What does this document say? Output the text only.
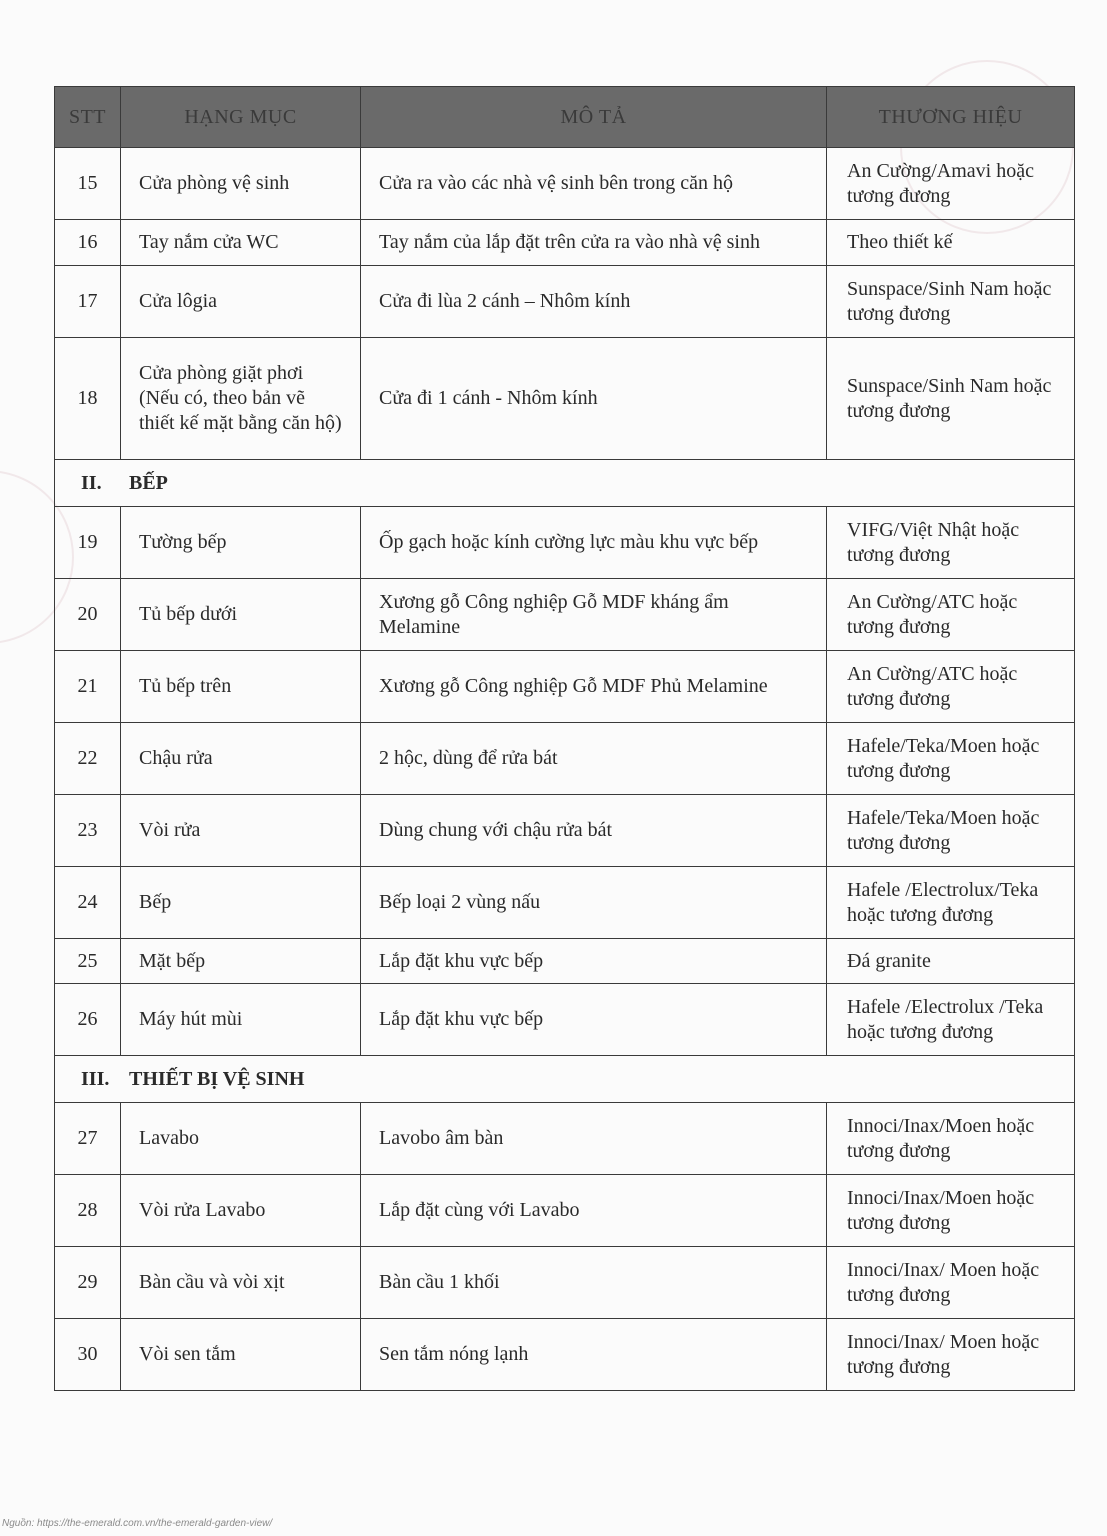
STT	HẠNG MỤC	MÔ TẢ	THƯƠNG HIỆU
15	Cửa phòng vệ sinh	Cửa ra vào các nhà vệ sinh bên trong căn hộ	An Cường/Amavi hoặc tương đương
16	Tay nắm cửa WC	Tay nắm của lắp đặt trên cửa ra vào nhà vệ sinh	Theo thiết kế
17	Cửa lôgia	Cửa đi lùa 2 cánh – Nhôm kính	Sunspace/Sinh Nam hoặc tương đương
18	Cửa phòng giặt phơi (Nếu có, theo bản vẽ thiết kế mặt bằng căn hộ)	Cửa đi 1 cánh - Nhôm kính	Sunspace/Sinh Nam hoặc tương đương
II. BẾP			
19	Tường bếp	Ốp gạch hoặc kính cường lực màu khu vực bếp	VIFG/Việt Nhật hoặc tương đương
20	Tủ bếp dưới	Xương gỗ Công nghiệp Gỗ MDF kháng ẩm Melamine	An Cường/ATC hoặc tương đương
21	Tủ bếp trên	Xương gỗ Công nghiệp Gỗ MDF Phủ Melamine	An Cường/ATC hoặc tương đương
22	Chậu rửa	2 hộc, dùng để rửa bát	Hafele/Teka/Moen hoặc tương đương
23	Vòi rửa	Dùng chung với chậu rửa bát	Hafele/Teka/Moen hoặc tương đương
24	Bếp	Bếp loại 2 vùng nấu	Hafele /Electrolux/Teka hoặc tương đương
25	Mặt bếp	Lắp đặt khu vực bếp	Đá granite
26	Máy hút mùi	Lắp đặt khu vực bếp	Hafele /Electrolux /Teka hoặc tương đương
III. THIẾT BỊ VỆ SINH			
27	Lavabo	Lavobo âm bàn	Innoci/Inax/Moen hoặc tương đương
28	Vòi rửa Lavabo	Lắp đặt cùng với Lavabo	Innoci/Inax/Moen hoặc tương đương
29	Bàn cầu và vòi xịt	Bàn cầu 1 khối	Innoci/Inax/ Moen hoặc tương đương
30	Vòi sen tắm	Sen tắm nóng lạnh	Innoci/Inax/ Moen hoặc tương đương
Nguồn: https://the-emerald.com.vn/the-emerald-garden-view/
